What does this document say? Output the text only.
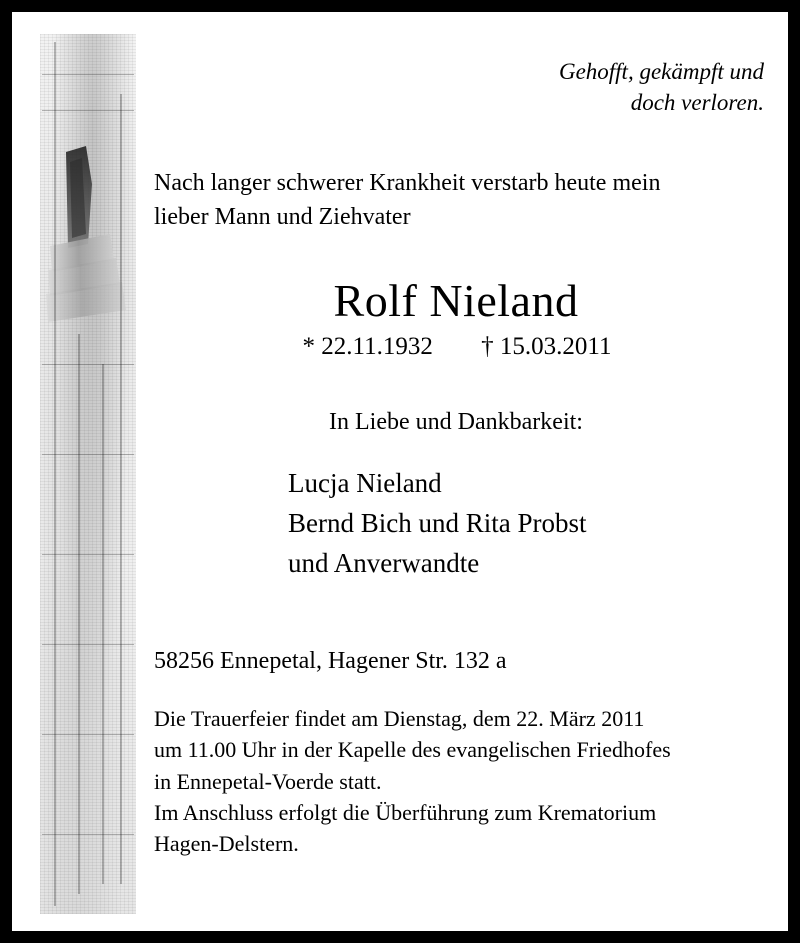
Gehofft, gekämpft und
doch verloren.
Nach langer schwerer Krankheit verstarb heute mein
lieber Mann und Ziehvater
Rolf Nieland
* 22.11.1932 † 15.03.2011
In Liebe und Dankbarkeit:
Lucja Nieland
Bernd Bich und Rita Probst
und Anverwandte
58256 Ennepetal, Hagener Str. 132 a
Die Trauerfeier findet am Dienstag, dem 22. März 2011
um 11.00 Uhr in der Kapelle des evangelischen Friedhofes
in Ennepetal-Voerde statt.
Im Anschluss erfolgt die Überführung zum Krematorium
Hagen-Delstern.
